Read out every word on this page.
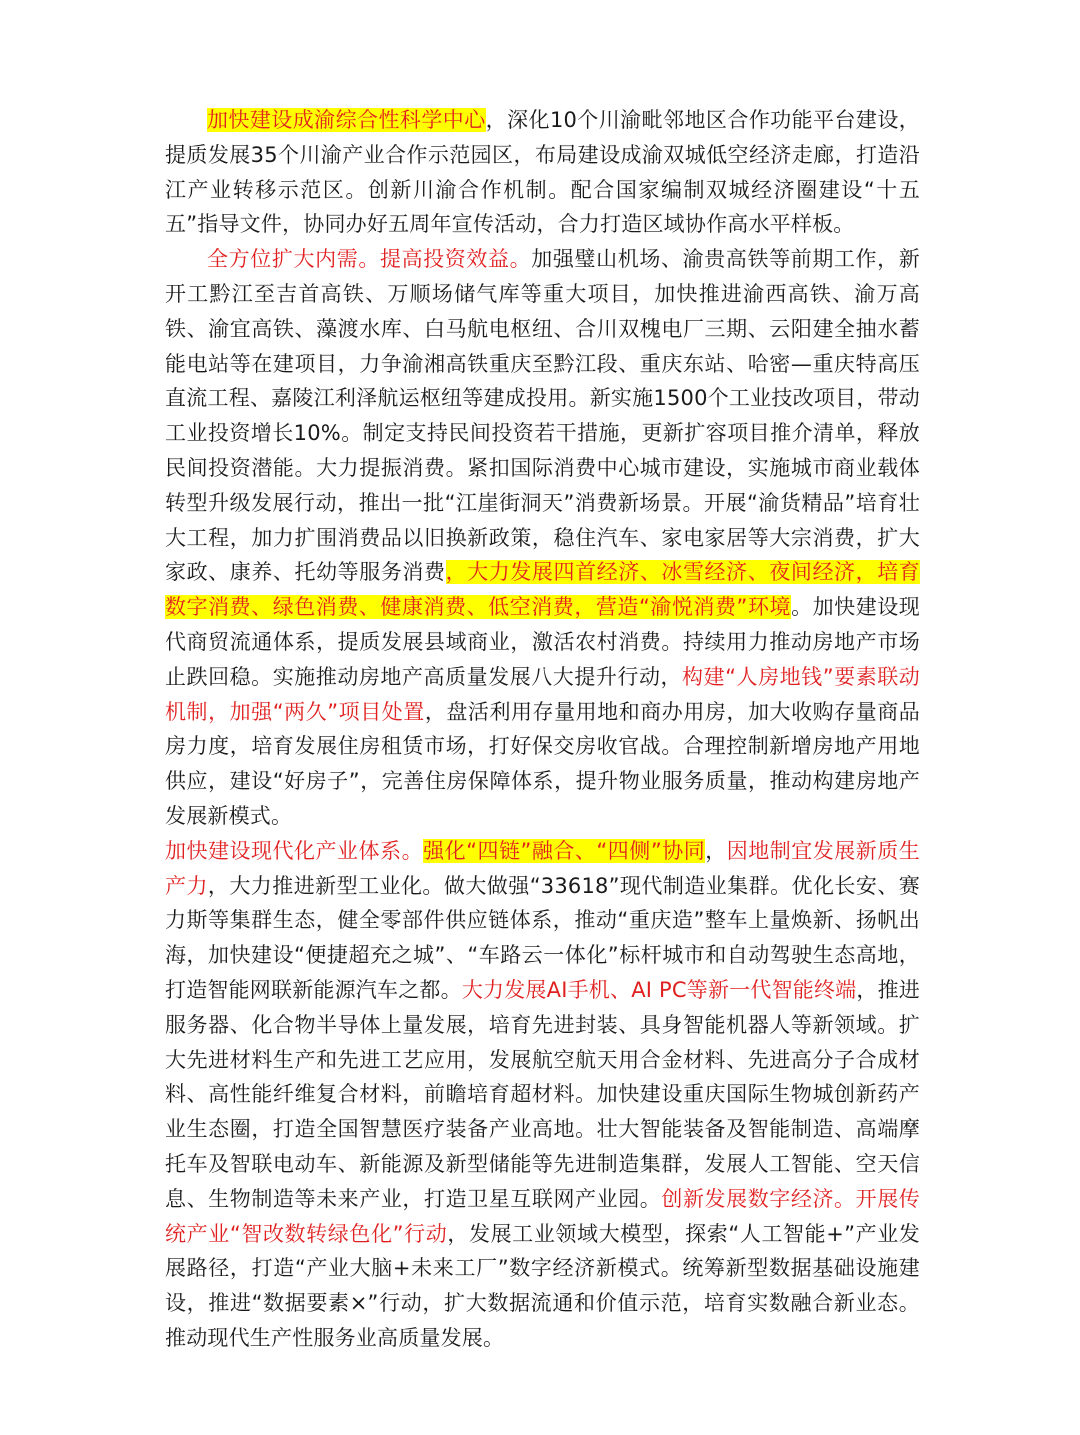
加快建设成渝综合性科学中心，深化10个川渝毗邻地区合作功能平台建设，提质发展35个川渝产业合作示范园区，布局建设成渝双城低空经济走廊，打造沿江产业转移示范区。创新川渝合作机制。配合国家编制双城经济圈建设“十五五”指导文件，协同办好五周年宣传活动，合力打造区域协作高水平样板。

全方位扩大内需。提高投资效益。加强璧山机场、渝贵高铁等前期工作，新开工黔江至吉首高铁、万顺场储气库等重大项目，加快推进渝西高铁、渝万高铁、渝宜高铁、藻渡水库、白马航电枢纽、合川双槐电厂三期、云阳建全抽水蓄能电站等在建项目，力争渝湘高铁重庆至黔江段、重庆东站、哈密—重庆特高压直流工程、嘉陵江利泽航运枢纽等建成投用。新实施1500个工业技改项目，带动工业投资增长10%。制定支持民间投资若干措施，更新扩容项目推介清单，释放民间投资潜能。大力提振消费。紧扣国际消费中心城市建设，实施城市商业载体转型升级发展行动，推出一批“江崖街洞天”消费新场景。开展“渝货精品”培育壮大工程，加力扩围消费品以旧换新政策，稳住汽车、家电家居等大宗消费，扩大家政、康养、托幼等服务消费，大力发展四首经济、冰雪经济、夜间经济，培育数字消费、绿色消费、健康消费、低空消费，营造“渝悦消费”环境。加快建设现代商贸流通体系，提质发展县域商业，激活农村消费。持续用力推动房地产市场止跌回稳。实施推动房地产高质量发展八大提升行动，构建“人房地钱”要素联动机制，加强“两久”项目处置，盘活利用存量用地和商办用房，加大收购存量商品房力度，培育发展住房租赁市场，打好保交房收官战。合理控制新增房地产用地供应，建设“好房子”，完善住房保障体系，提升物业服务质量，推动构建房地产发展新模式。

加快建设现代化产业体系。强化“四链”融合、“四侧”协同，因地制宜发展新质生产力，大力推进新型工业化。做大做强“33618”现代制造业集群。优化长安、赛力斯等集群生态，健全零部件供应链体系，推动“重庆造”整车上量焕新、扬帆出海，加快建设“便捷超充之城”、“车路云一体化”标杆城市和自动驾驶生态高地，打造智能网联新能源汽车之都。大力发展AI手机、AI PC等新一代智能终端，推进服务器、化合物半导体上量发展，培育先进封装、具身智能机器人等新领域。扩大先进材料生产和先进工艺应用，发展航空航天用合金材料、先进高分子合成材料、高性能纤维复合材料，前瞻培育超材料。加快建设重庆国际生物城创新药产业生态圈，打造全国智慧医疗装备产业高地。壮大智能装备及智能制造、高端摩托车及智联电动车、新能源及新型储能等先进制造集群，发展人工智能、空天信息、生物制造等未来产业，打造卫星互联网产业园。创新发展数字经济。开展传统产业“智改数转绿色化”行动，发展工业领域大模型，探索“人工智能+”产业发展路径，打造“产业大脑+未来工厂”数字经济新模式。统筹新型数据基础设施建设，推进“数据要素×”行动，扩大数据流通和价值示范，培育实数融合新业态。推动现代生产性服务业高质量发展。
